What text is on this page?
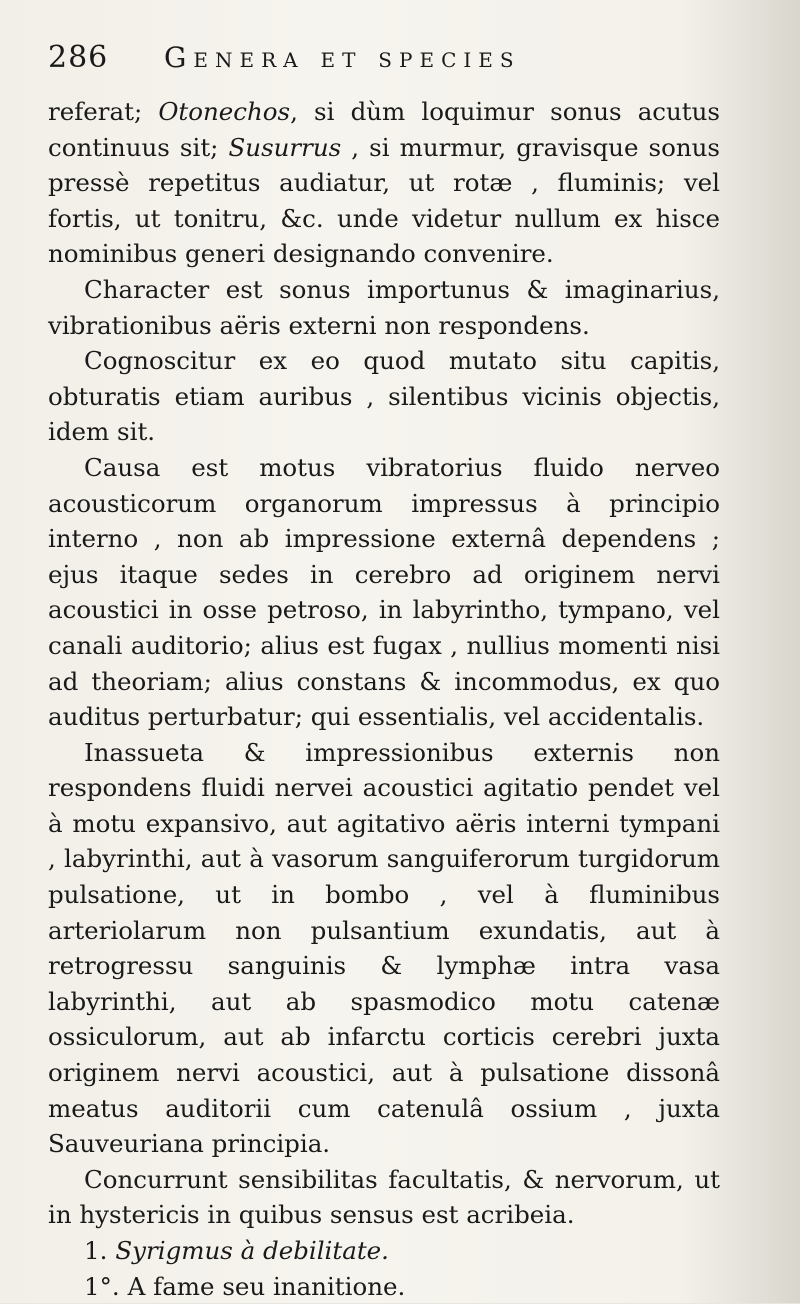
286	Genera et species

referat; Otonechos, si dùm loquimur sonus acutus continuus sit; Susurrus , si murmur, gravisque sonus pressè repetitus audiatur, ut rotæ , fluminis; vel fortis, ut tonitru, &c. unde videtur nullum ex hisce nominibus generi designando convenire.

Character est sonus importunus & imaginarius, vibrationibus aëris externi non respondens.

Cognoscitur ex eo quod mutato situ capitis, obturatis etiam auribus , silentibus vicinis objectis, idem sit.

Causa est motus vibratorius fluido nerveo acousticorum organorum impressus à principio interno , non ab impressione externâ dependens ; ejus itaque sedes in cerebro ad originem nervi acoustici in osse petroso, in labyrintho, tympano, vel canali auditorio; alius est fugax , nullius momenti nisi ad theoriam; alius constans & incommodus, ex quo auditus perturbatur; qui essentialis, vel accidentalis.

Inassueta & impressionibus externis non respondens fluidi nervei acoustici agitatio pendet vel à motu expansivo, aut agitativo aëris interni tympani , labyrinthi, aut à vasorum sanguiferorum turgidorum pulsatione, ut in bombo , vel à fluminibus arteriolarum non pulsantium exundatis, aut à retrogressu sanguinis & lymphæ intra vasa labyrinthi, aut ab spasmodico motu catenæ ossiculorum, aut ab infarctu corticis cerebri juxta originem nervi acoustici, aut à pulsatione dissonâ meatus auditorii cum catenulâ ossium , juxta Sauveuriana principia.

Concurrunt sensibilitas facultatis, & nervorum, ut in hystericis in quibus sensus est acribeia.

1.Syrigmus à debilitate.
1°.A fame seu inanitione.
